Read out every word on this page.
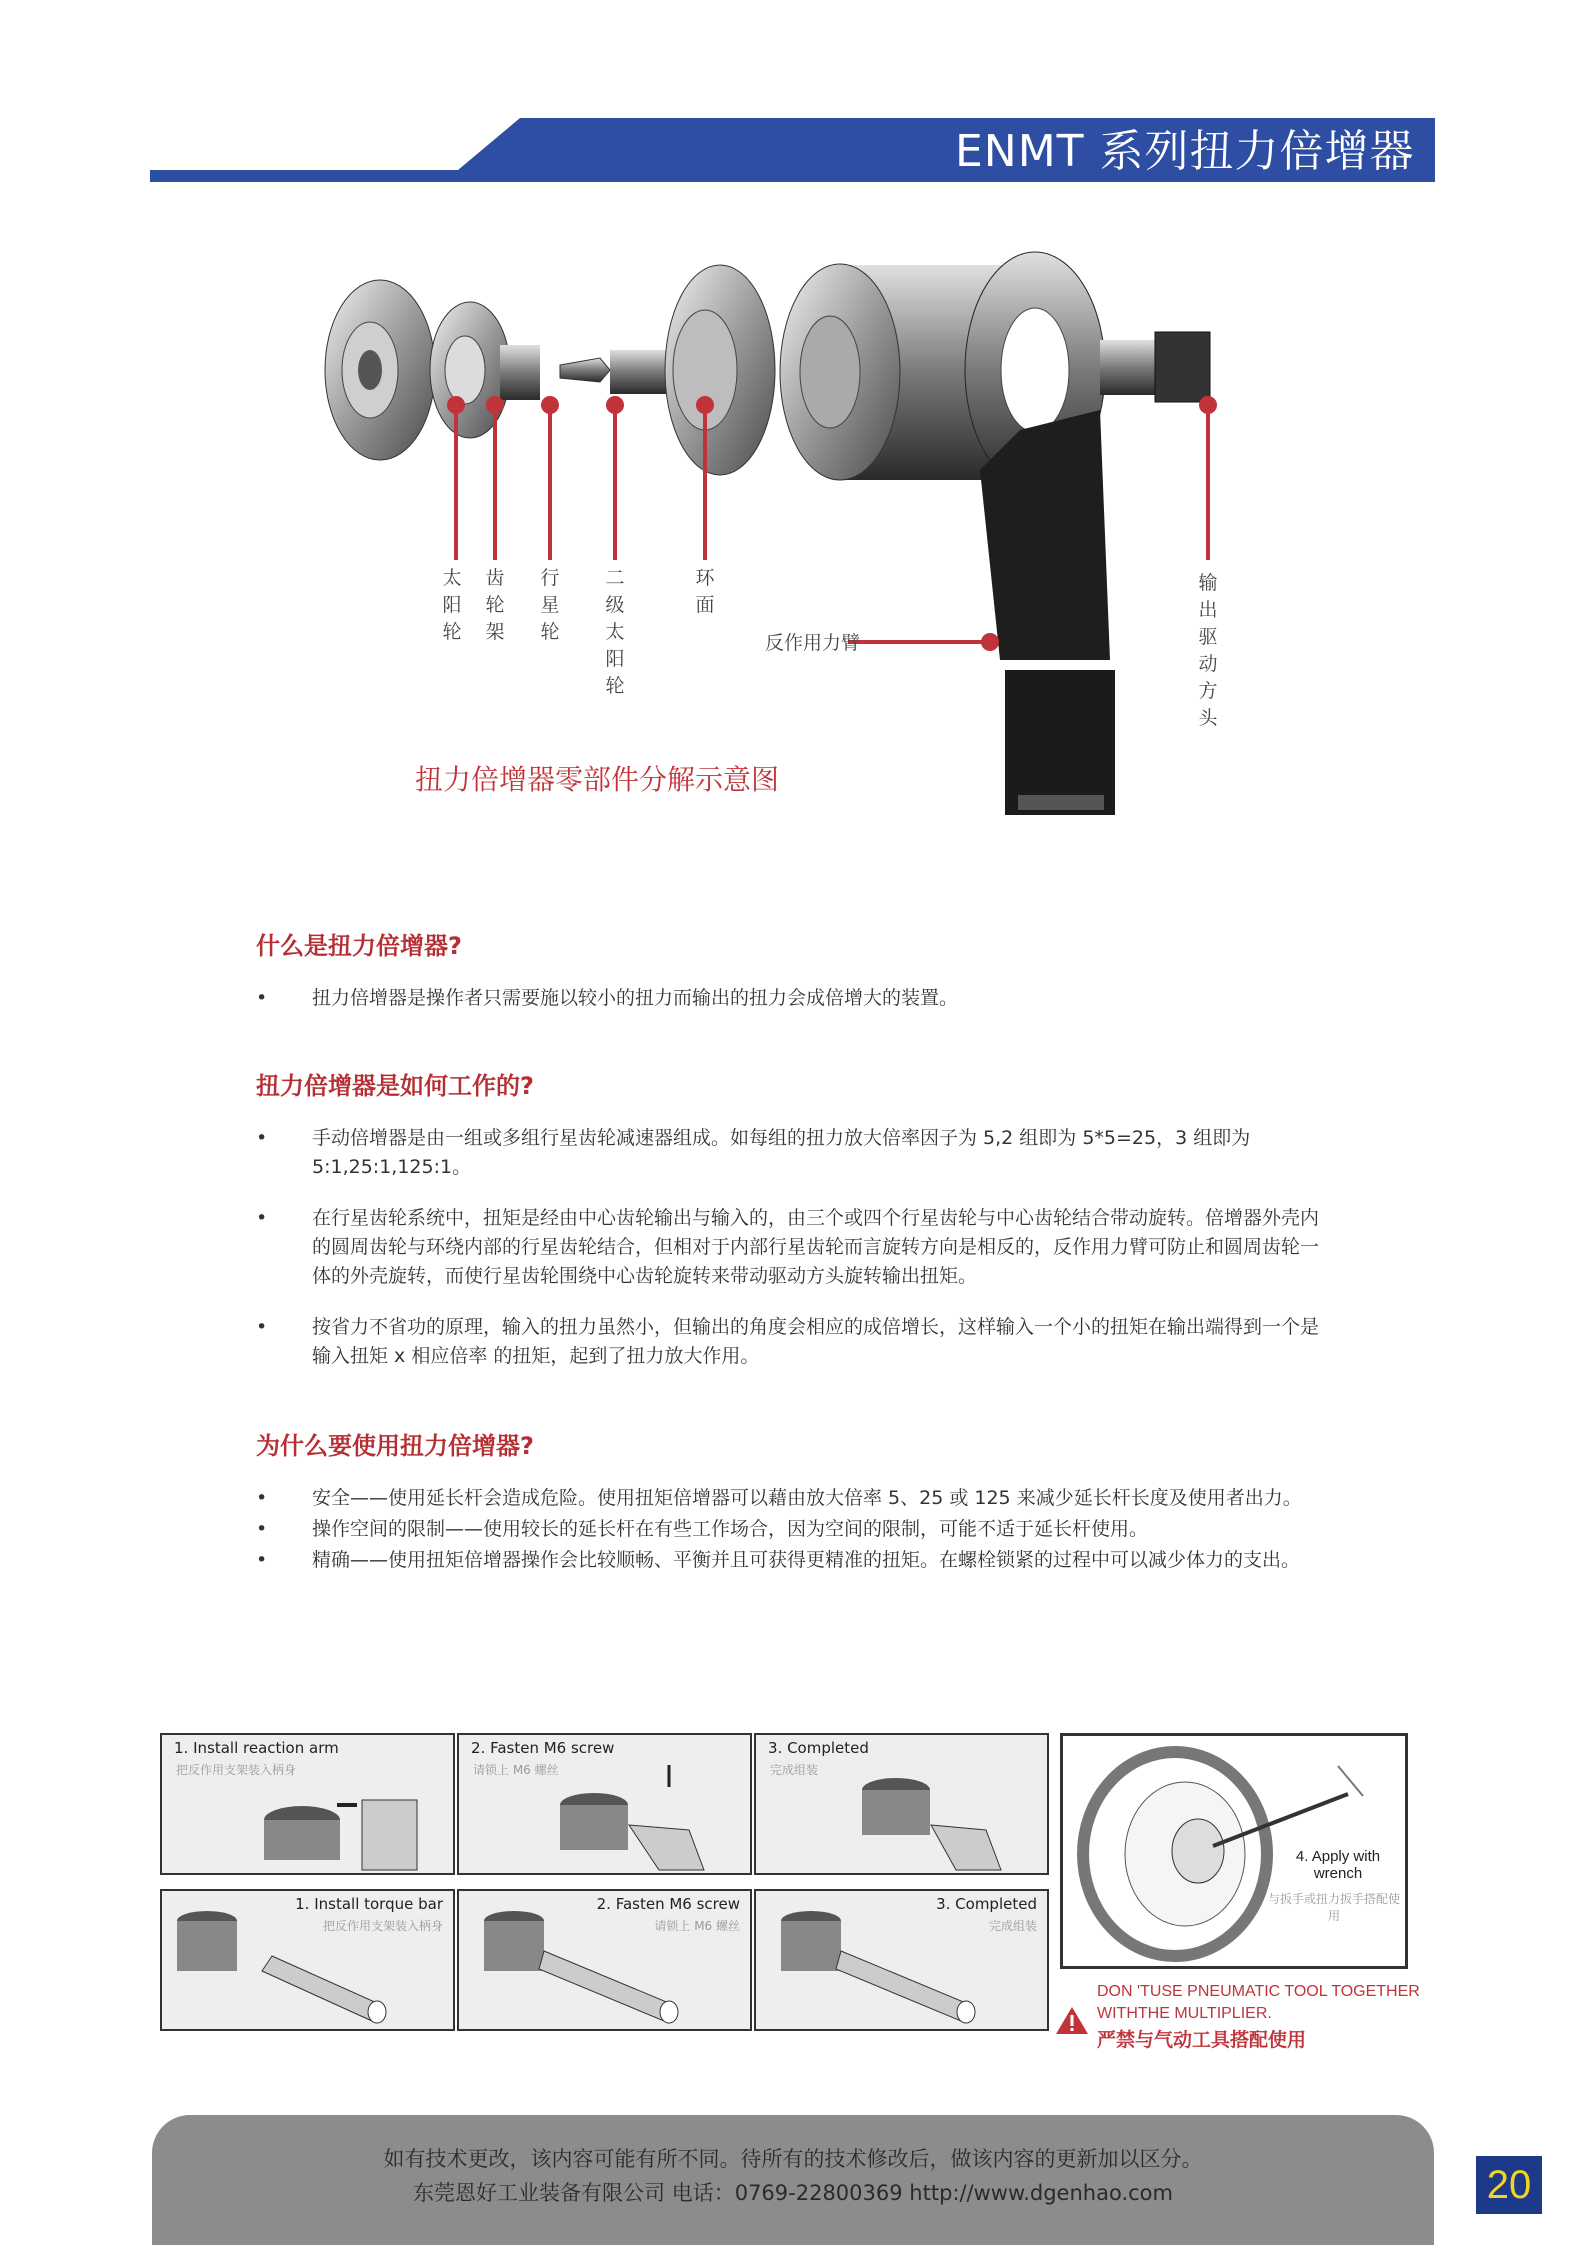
ENMT 系列扭力倍增器
太阳轮
齿轮架
行星轮
二级太阳轮
环面
输出驱动方头
反作用力臂
扭力倍增器零部件分解示意图
什么是扭力倍增器?
•	扭力倍增器是操作者只需要施以较小的扭力而输出的扭力会成倍增大的装置。
扭力倍增器是如何工作的?
•	手动倍增器是由一组或多组行星齿轮减速器组成。如每组的扭力放大倍率因子为 5,2 组即为 5*5=25，3 组即为 5:1,25:1,125:1。
•	在行星齿轮系统中，扭矩是经由中心齿轮输出与输入的，由三个或四个行星齿轮与中心齿轮结合带动旋转。倍增器外壳内的圆周齿轮与环绕内部的行星齿轮结合，但相对于内部行星齿轮而言旋转方向是相反的，反作用力臂可防止和圆周齿轮一体的外壳旋转，而使行星齿轮围绕中心齿轮旋转来带动驱动方头旋转输出扭矩。
•	按省力不省功的原理，输入的扭力虽然小，但输出的角度会相应的成倍增长，这样输入一个小的扭矩在输出端得到一个是输入扭矩 x 相应倍率 的扭矩，起到了扭力放大作用。
为什么要使用扭力倍增器?
•	安全——使用延长杆会造成危险。使用扭矩倍增器可以藉由放大倍率 5、25 或 125 来减少延长杆长度及使用者出力。
•	操作空间的限制——使用较长的延长杆在有些工作场合，因为空间的限制，可能不适于延长杆使用。
•	精确——使用扭矩倍增器操作会比较顺畅、平衡并且可获得更精准的扭矩。在螺栓锁紧的过程中可以减少体力的支出。
1. Install reaction arm
把反作用支架装入柄身
2. Fasten M6 screw
请锁上 M6 螺丝
3. Completed
完成组装
1. Install torque bar
把反作用支架装入柄身
2. Fasten M6 screw
请锁上 M6 螺丝
3. Completed
完成组装
4. Apply with wrench
与扳手或扭力扳手搭配使用
DON 'TUSE PNEUMATIC TOOL TOGETHER WITHTHE MULTIPLIER.
严禁与气动工具搭配使用
如有技术更改，该内容可能有所不同。待所有的技术修改后，做该内容的更新加以区分。
东莞恩好工业装备有限公司 电话：0769-22800369 http://www.dgenhao.com	20
